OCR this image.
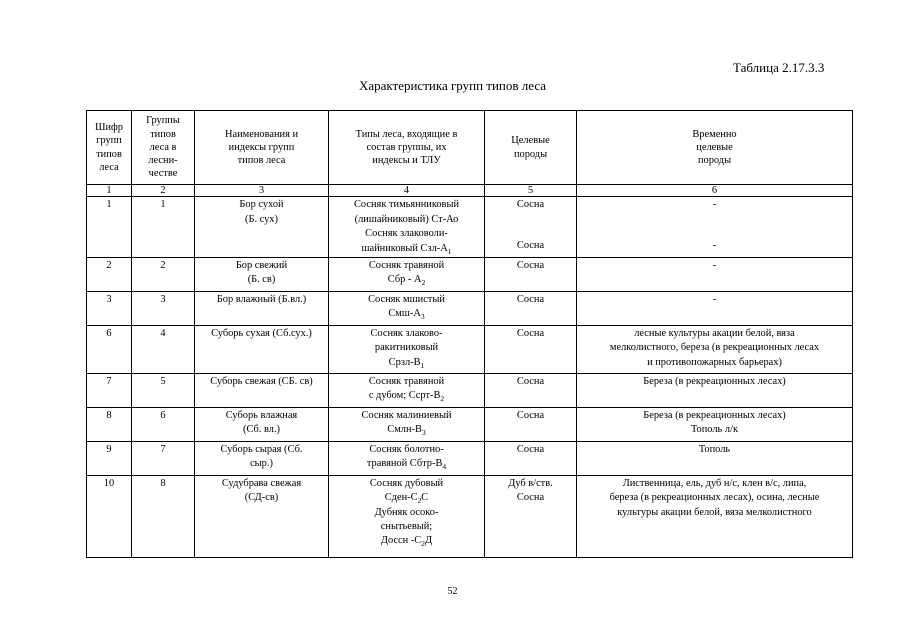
Таблица 2.17.3.3
Характеристика групп типов леса
Шифр
групп
типов
леса	Группы
типов
леса в
лесни-
честве	Наименования и
индексы групп
типов леса	Типы леса, входящие в
состав группы, их
индексы и ТЛУ	Целевые
породы	Временно
целевые
породы

1	2	3	4	5	6
1	1	Бор сухой
(Б. сух)	Сосняк тимьянниковый
(лишайниковый) Ст-Ао
Сосняк злаковоли-
шайниковый Сзл-$А_1$	Сосна
Сосна	-
-

2	2	Бор свежий
(Б. св)	Сосняк травяной
Сбр - $А_2$	Сосна	-
3	3	Бор влажный (Б.вл.)	Сосняк мшистый
Смш-$А_3$	Сосна	-
6	4	Суборь сухая (Сб.сух.)	Сосняк злаково-
ракитниковый
Срзл-$В_1$	Сосна	лесные культуры акации белой, вяза
мелколистного, береза (в рекреационных лесах
и противопожарных барьерах)

7	5	Суборь свежая (СБ. св)	Сосняк травяной
с дубом; Ссрт-$В_2$	Сосна	Береза (в рекреационных лесах)
8	6	Суборь влажная
(Сб. вл.)	Сосняк малиниевый
Смлн-$В_3$	Сосна	Береза (в рекреационных лесах)
Тополь л/к

9	7	Суборь сырая (Сб.
сыр.)	Сосняк болотно-
травяной Сбтр-$В_4$	Сосна	Тополь
10	8	Судубрава свежая
(СД-св)	Сосняк дубовый
Сден-$С_2С$
Дубняк осоко-
снытьевый;
Доссн $-С_2Д$	Дуб в/ств.
Сосна	Лиственница, ель, дуб н/с, клен в/с, липа,
береза (в рекреационных лесах), осина, лесные
культуры акации белой, вяза мелколистного
52
